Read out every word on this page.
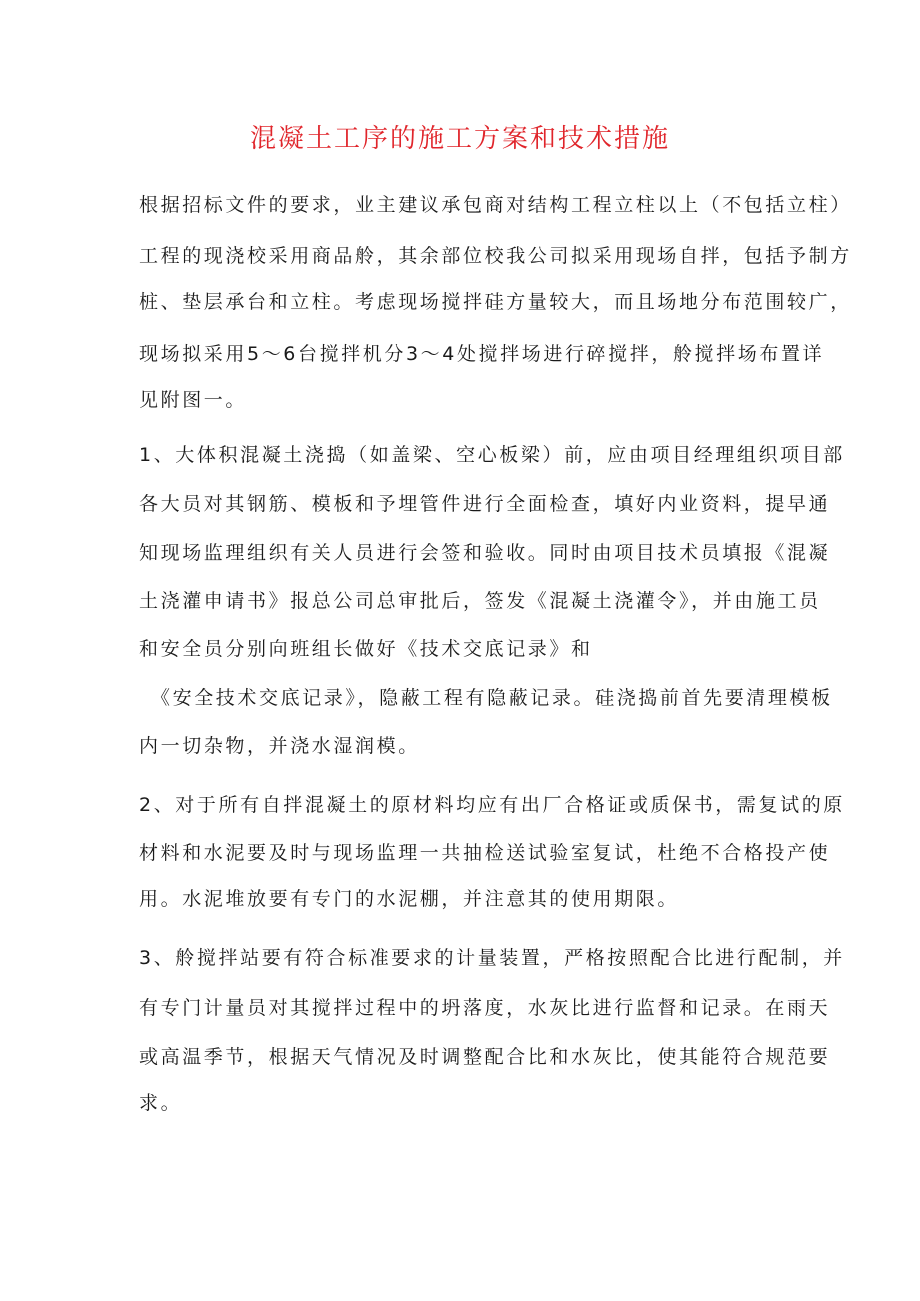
混凝土工序的施工方案和技术措施
根据招标文件的要求，业主建议承包商对结构工程立柱以上（不包括立柱）
工程的现浇校采用商品舲，其余部位校我公司拟采用现场自拌，包括予制方
桩、垫层承台和立柱。考虑现场搅拌硅方量较大，而且场地分布范围较广，
现场拟采用5～6台搅拌机分3～4处搅拌场进行碎搅拌，舲搅拌场布置详
见附图一。
1、大体积混凝土浇捣（如盖梁、空心板梁）前，应由项目经理组织项目部
各大员对其钢筋、模板和予埋管件进行全面检查，填好内业资料，提早通
知现场监理组织有关人员进行会签和验收。同时由项目技术员填报《混凝
土浇灌申请书》报总公司总审批后，签发《混凝土浇灌令》，并由施工员
和安全员分别向班组长做好《技术交底记录》和
《安全技术交底记录》，隐蔽工程有隐蔽记录。硅浇捣前首先要清理模板
内一切杂物，并浇水湿润模。
2、对于所有自拌混凝土的原材料均应有出厂合格证或质保书，需复试的原
材料和水泥要及时与现场监理一共抽检送试验室复试，杜绝不合格投产使
用。水泥堆放要有专门的水泥棚，并注意其的使用期限。
3、舲搅拌站要有符合标准要求的计量装置，严格按照配合比进行配制，并
有专门计量员对其搅拌过程中的坍落度，水灰比进行监督和记录。在雨天
或高温季节，根据天气情况及时调整配合比和水灰比，使其能符合规范要
求。
